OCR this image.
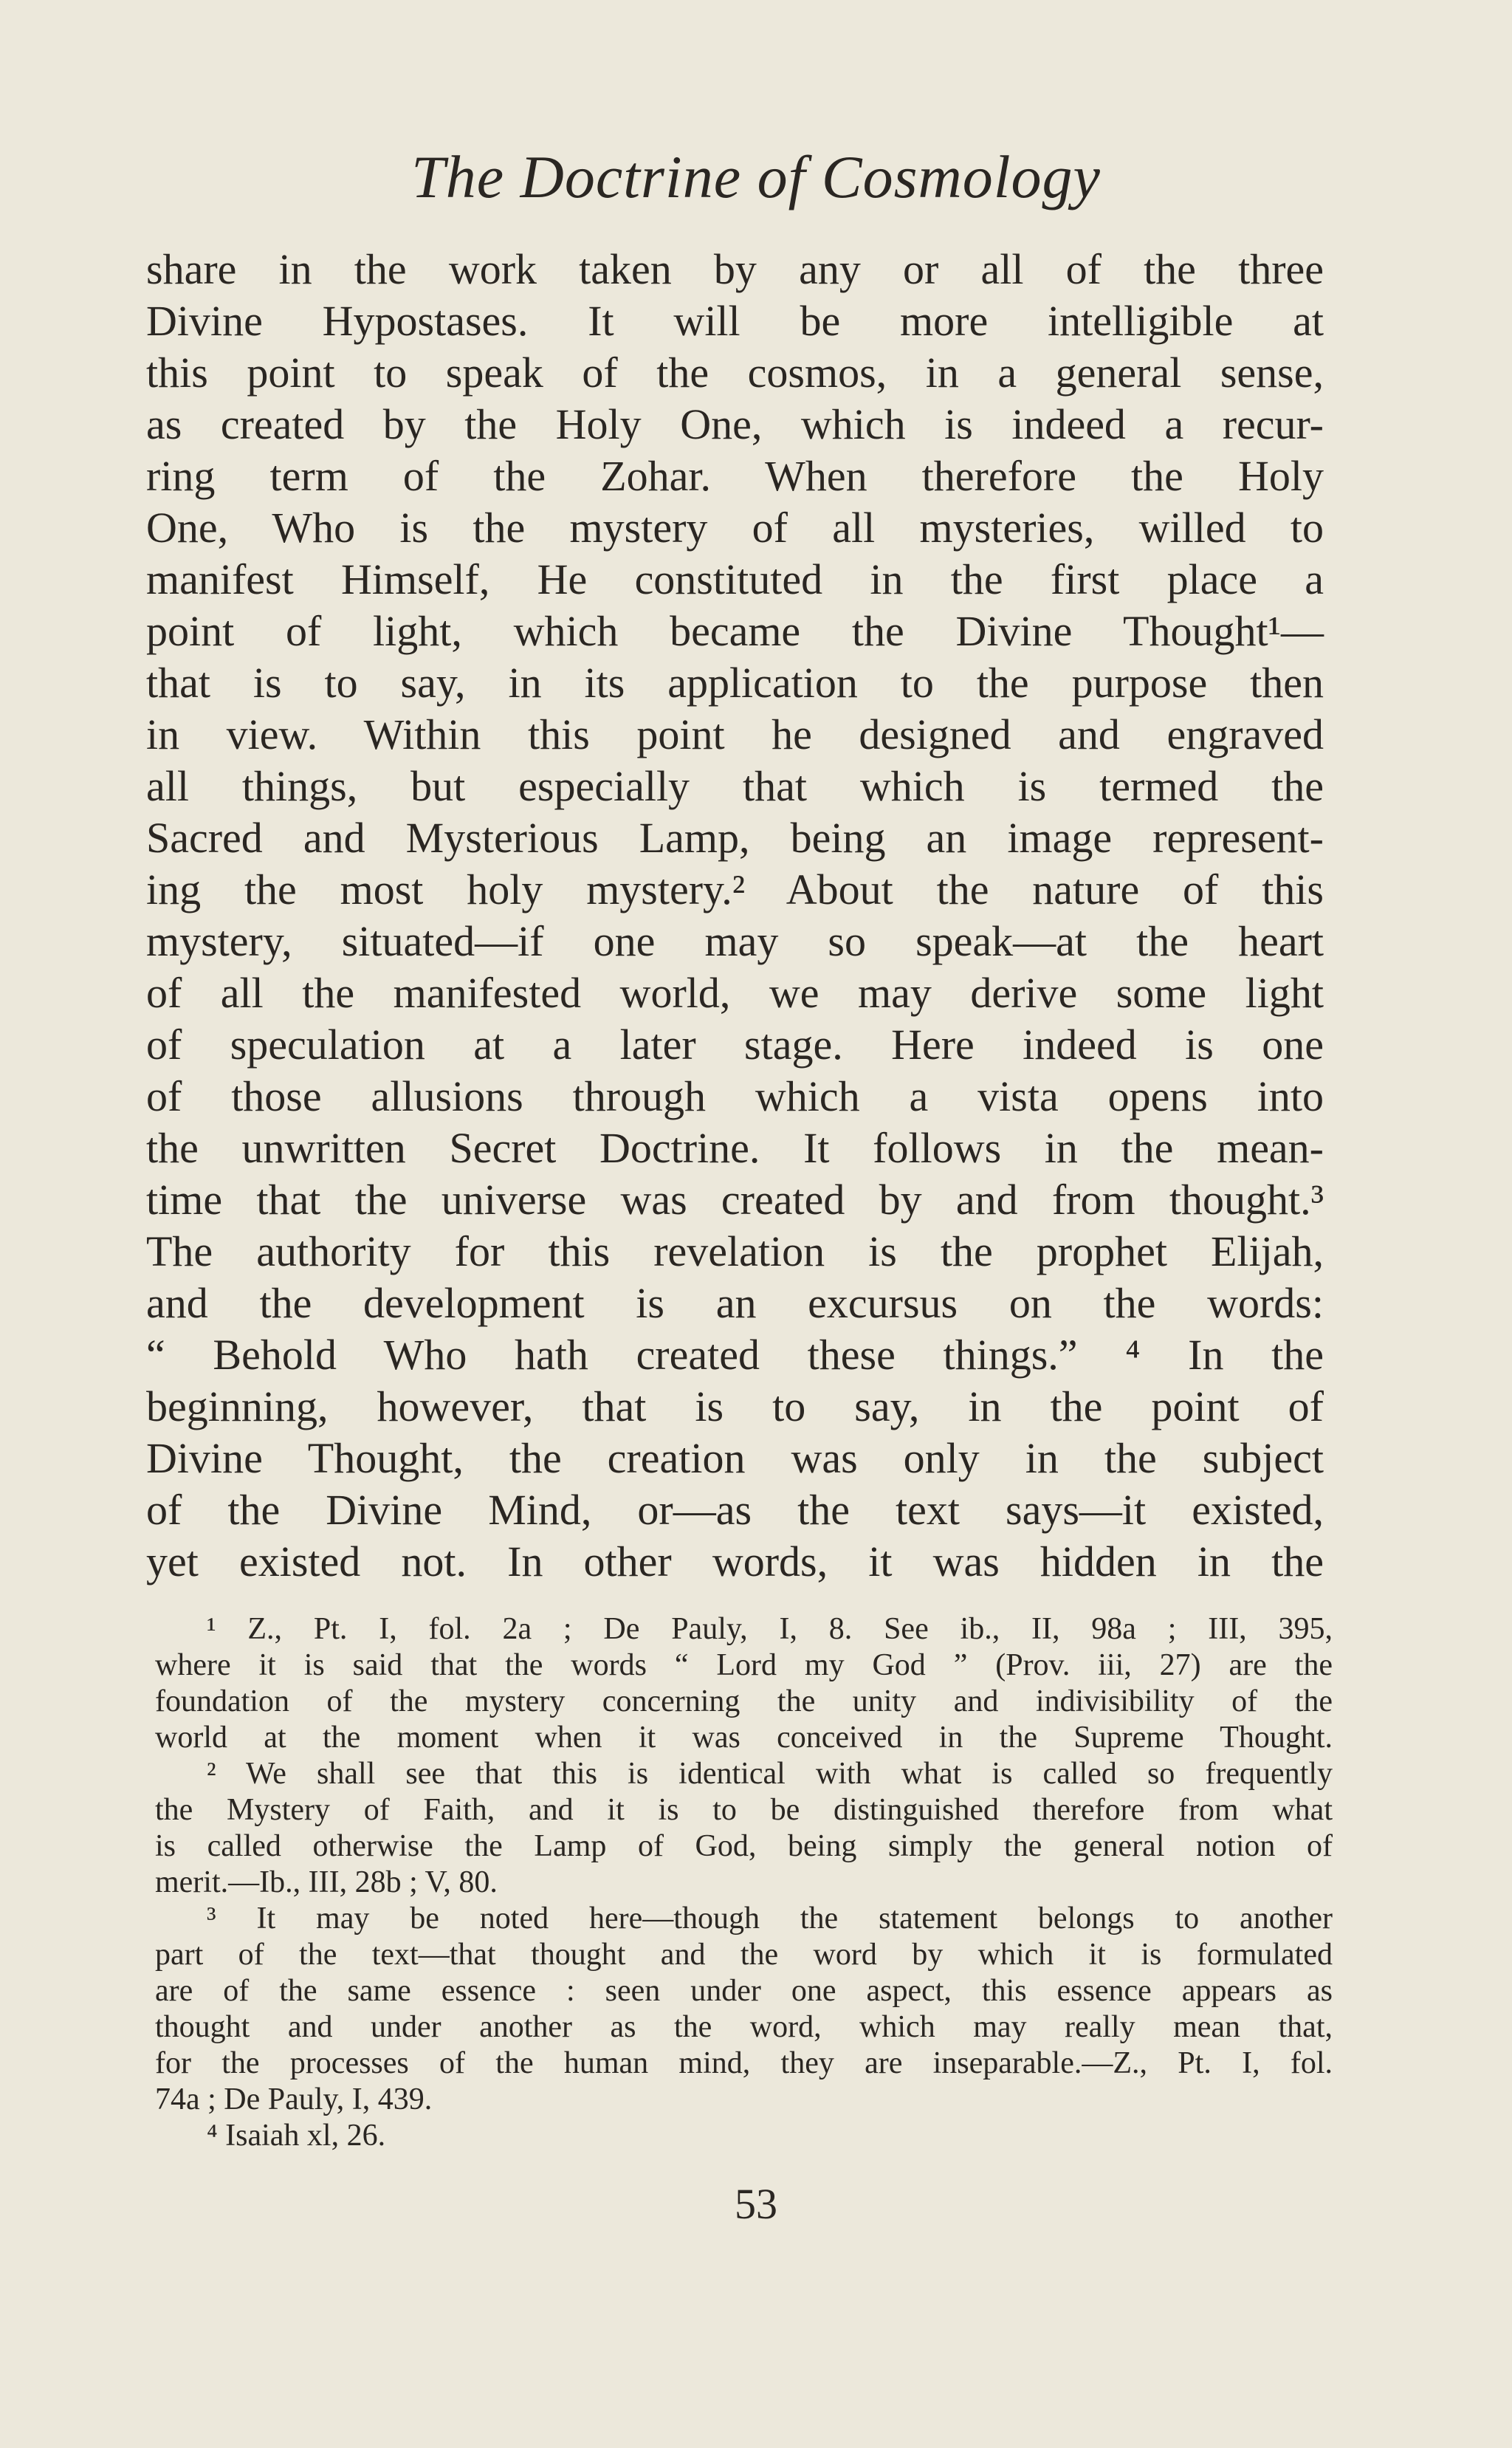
The Doctrine of Cosmology
share in the work taken by any or all of the three
Divine Hypostases. It will be more intelligible at
this point to speak of the cosmos, in a general sense,
as created by the Holy One, which is indeed a recur-
ring term of the Zohar. When therefore the Holy
One, Who is the mystery of all mysteries, willed to
manifest Himself, He constituted in the first place a
point of light, which became the Divine Thought¹—
that is to say, in its application to the purpose then
in view. Within this point he designed and engraved
all things, but especially that which is termed the
Sacred and Mysterious Lamp, being an image represent-
ing the most holy mystery.² About the nature of this
mystery, situated—if one may so speak—at the heart
of all the manifested world, we may derive some light
of speculation at a later stage. Here indeed is one
of those allusions through which a vista opens into
the unwritten Secret Doctrine. It follows in the mean-
time that the universe was created by and from thought.³
The authority for this revelation is the prophet Elijah,
and the development is an excursus on the words:
“ Behold Who hath created these things.” ⁴ In the
beginning, however, that is to say, in the point of
Divine Thought, the creation was only in the subject
of the Divine Mind, or—as the text says—it existed,
yet existed not. In other words, it was hidden in the
¹ Z., Pt. I, fol. 2a ; De Pauly, I, 8. See ib., II, 98a ; III, 395,
where it is said that the words “ Lord my God ” (Prov. iii, 27) are the
foundation of the mystery concerning the unity and indivisibility of the
world at the moment when it was conceived in the Supreme Thought.
² We shall see that this is identical with what is called so frequently
the Mystery of Faith, and it is to be distinguished therefore from what
is called otherwise the Lamp of God, being simply the general notion of
merit.—Ib., III, 28b ; V, 80.
³ It may be noted here—though the statement belongs to another
part of the text—that thought and the word by which it is formulated
are of the same essence : seen under one aspect, this essence appears as
thought and under another as the word, which may really mean that,
for the processes of the human mind, they are inseparable.—Z., Pt. I, fol.
74a ; De Pauly, I, 439.
⁴ Isaiah xl, 26.
53
